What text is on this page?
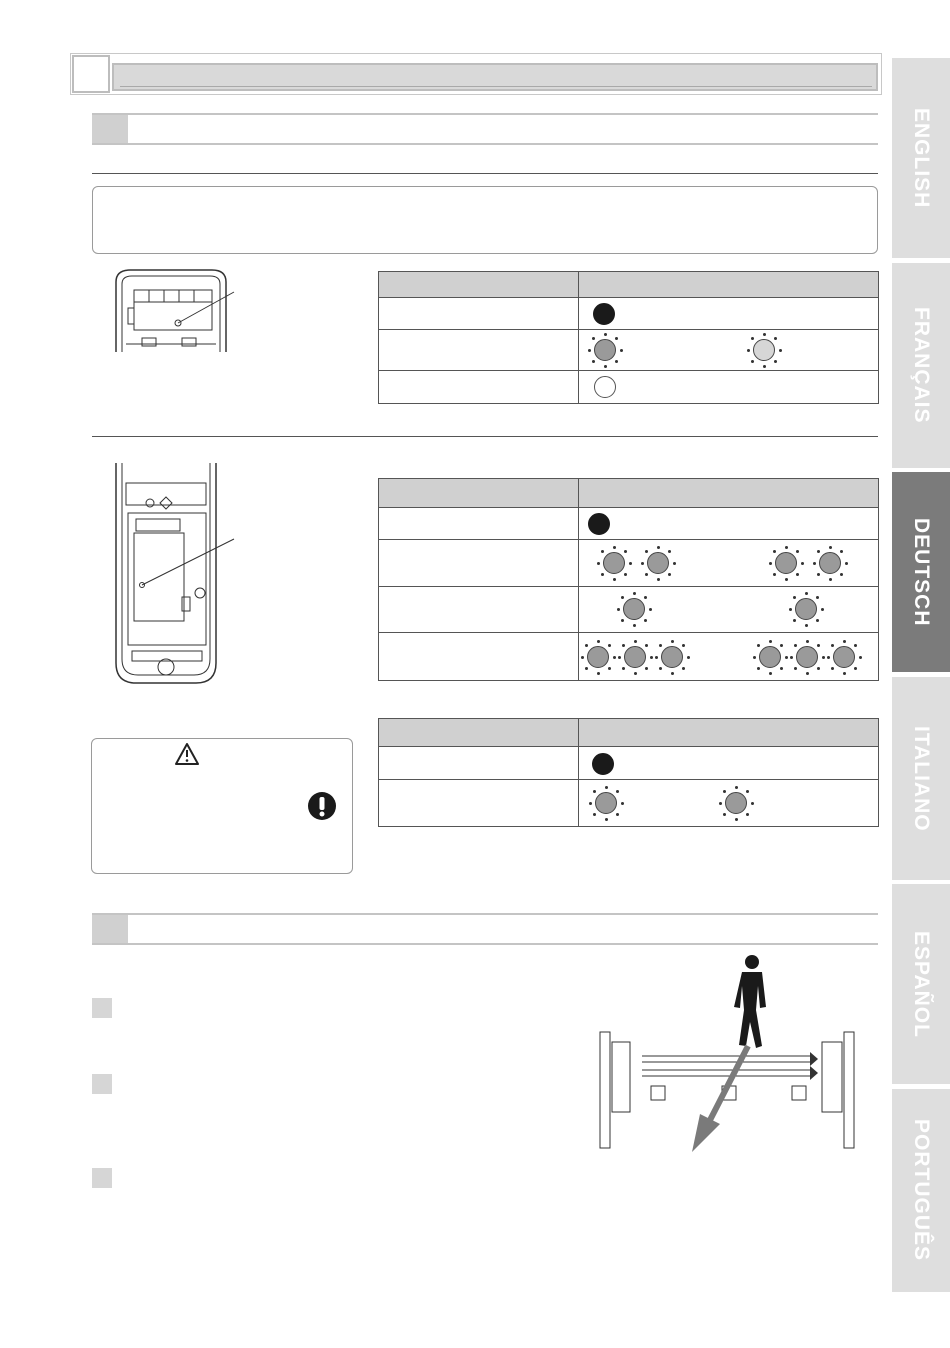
ENGLISH
FRANÇAIS
DEUTSCH
ITALIANO
ESPAÑOL
PORTUGUÊS
